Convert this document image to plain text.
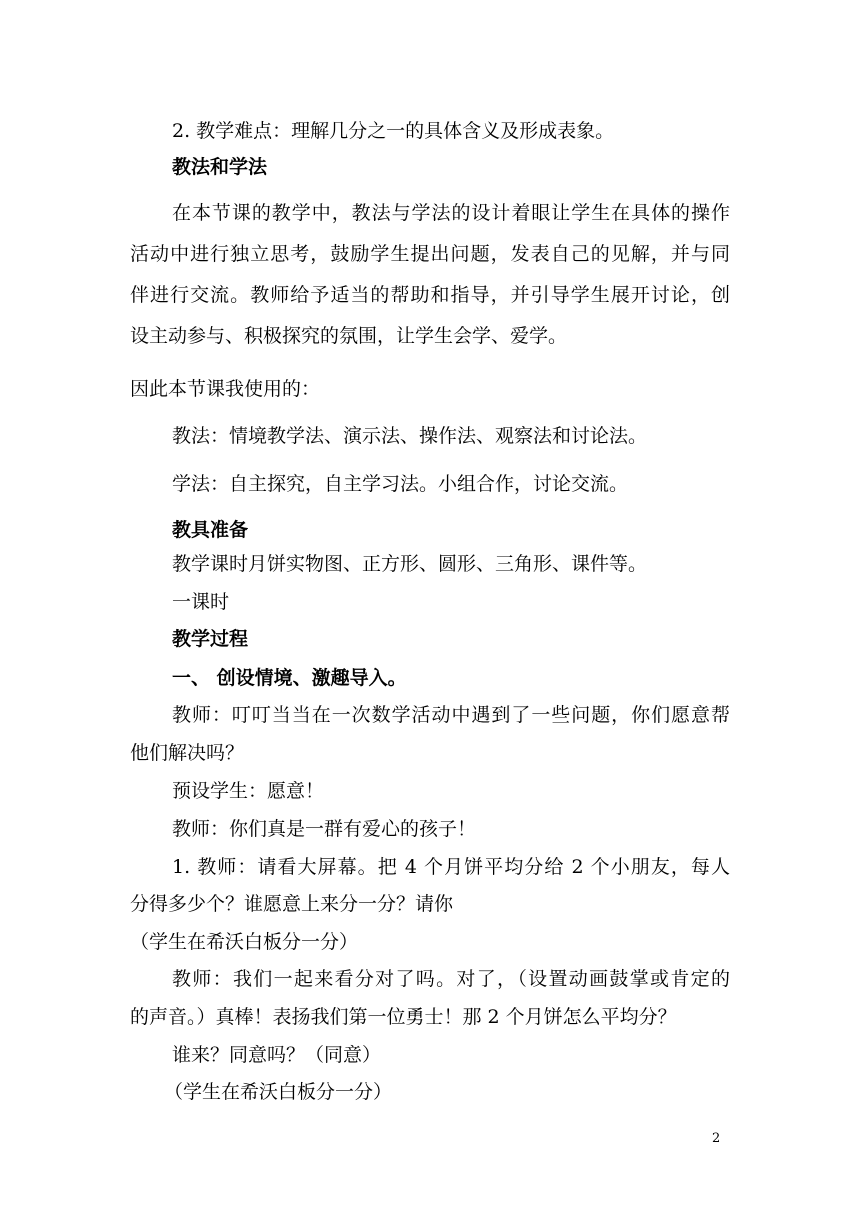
2. 教学难点：理解几分之一的具体含义及形成表象。
教法和学法
在本节课的教学中，教法与学法的设计着眼让学生在具体的操作
活动中进行独立思考，鼓励学生提出问题，发表自己的见解，并与同
伴进行交流。教师给予适当的帮助和指导，并引导学生展开讨论，创
设主动参与、积极探究的氛围，让学生会学、爱学。
因此本节课我使用的：
教法：情境教学法、演示法、操作法、观察法和讨论法。
学法：自主探究，自主学习法。小组合作，讨论交流。
教具准备
教学课时月饼实物图、正方形、圆形、三角形、课件等。
一课时
教学过程
一、 创设情境、激趣导入。
教师：叮叮当当在一次数学活动中遇到了一些问题，你们愿意帮
他们解决吗？
预设学生：愿意！
教师：你们真是一群有爱心的孩子！
1. 教师：请看大屏幕。把 4 个月饼平均分给 2 个小朋友，每人
分得多少个？谁愿意上来分一分？请你
（学生在希沃白板分一分）
教师：我们一起来看分对了吗。对了，（设置动画鼓掌或肯定的
的声音。）真棒！表扬我们第一位勇士！那 2 个月饼怎么平均分？
谁来？同意吗？（同意）
（学生在希沃白板分一分）
2
